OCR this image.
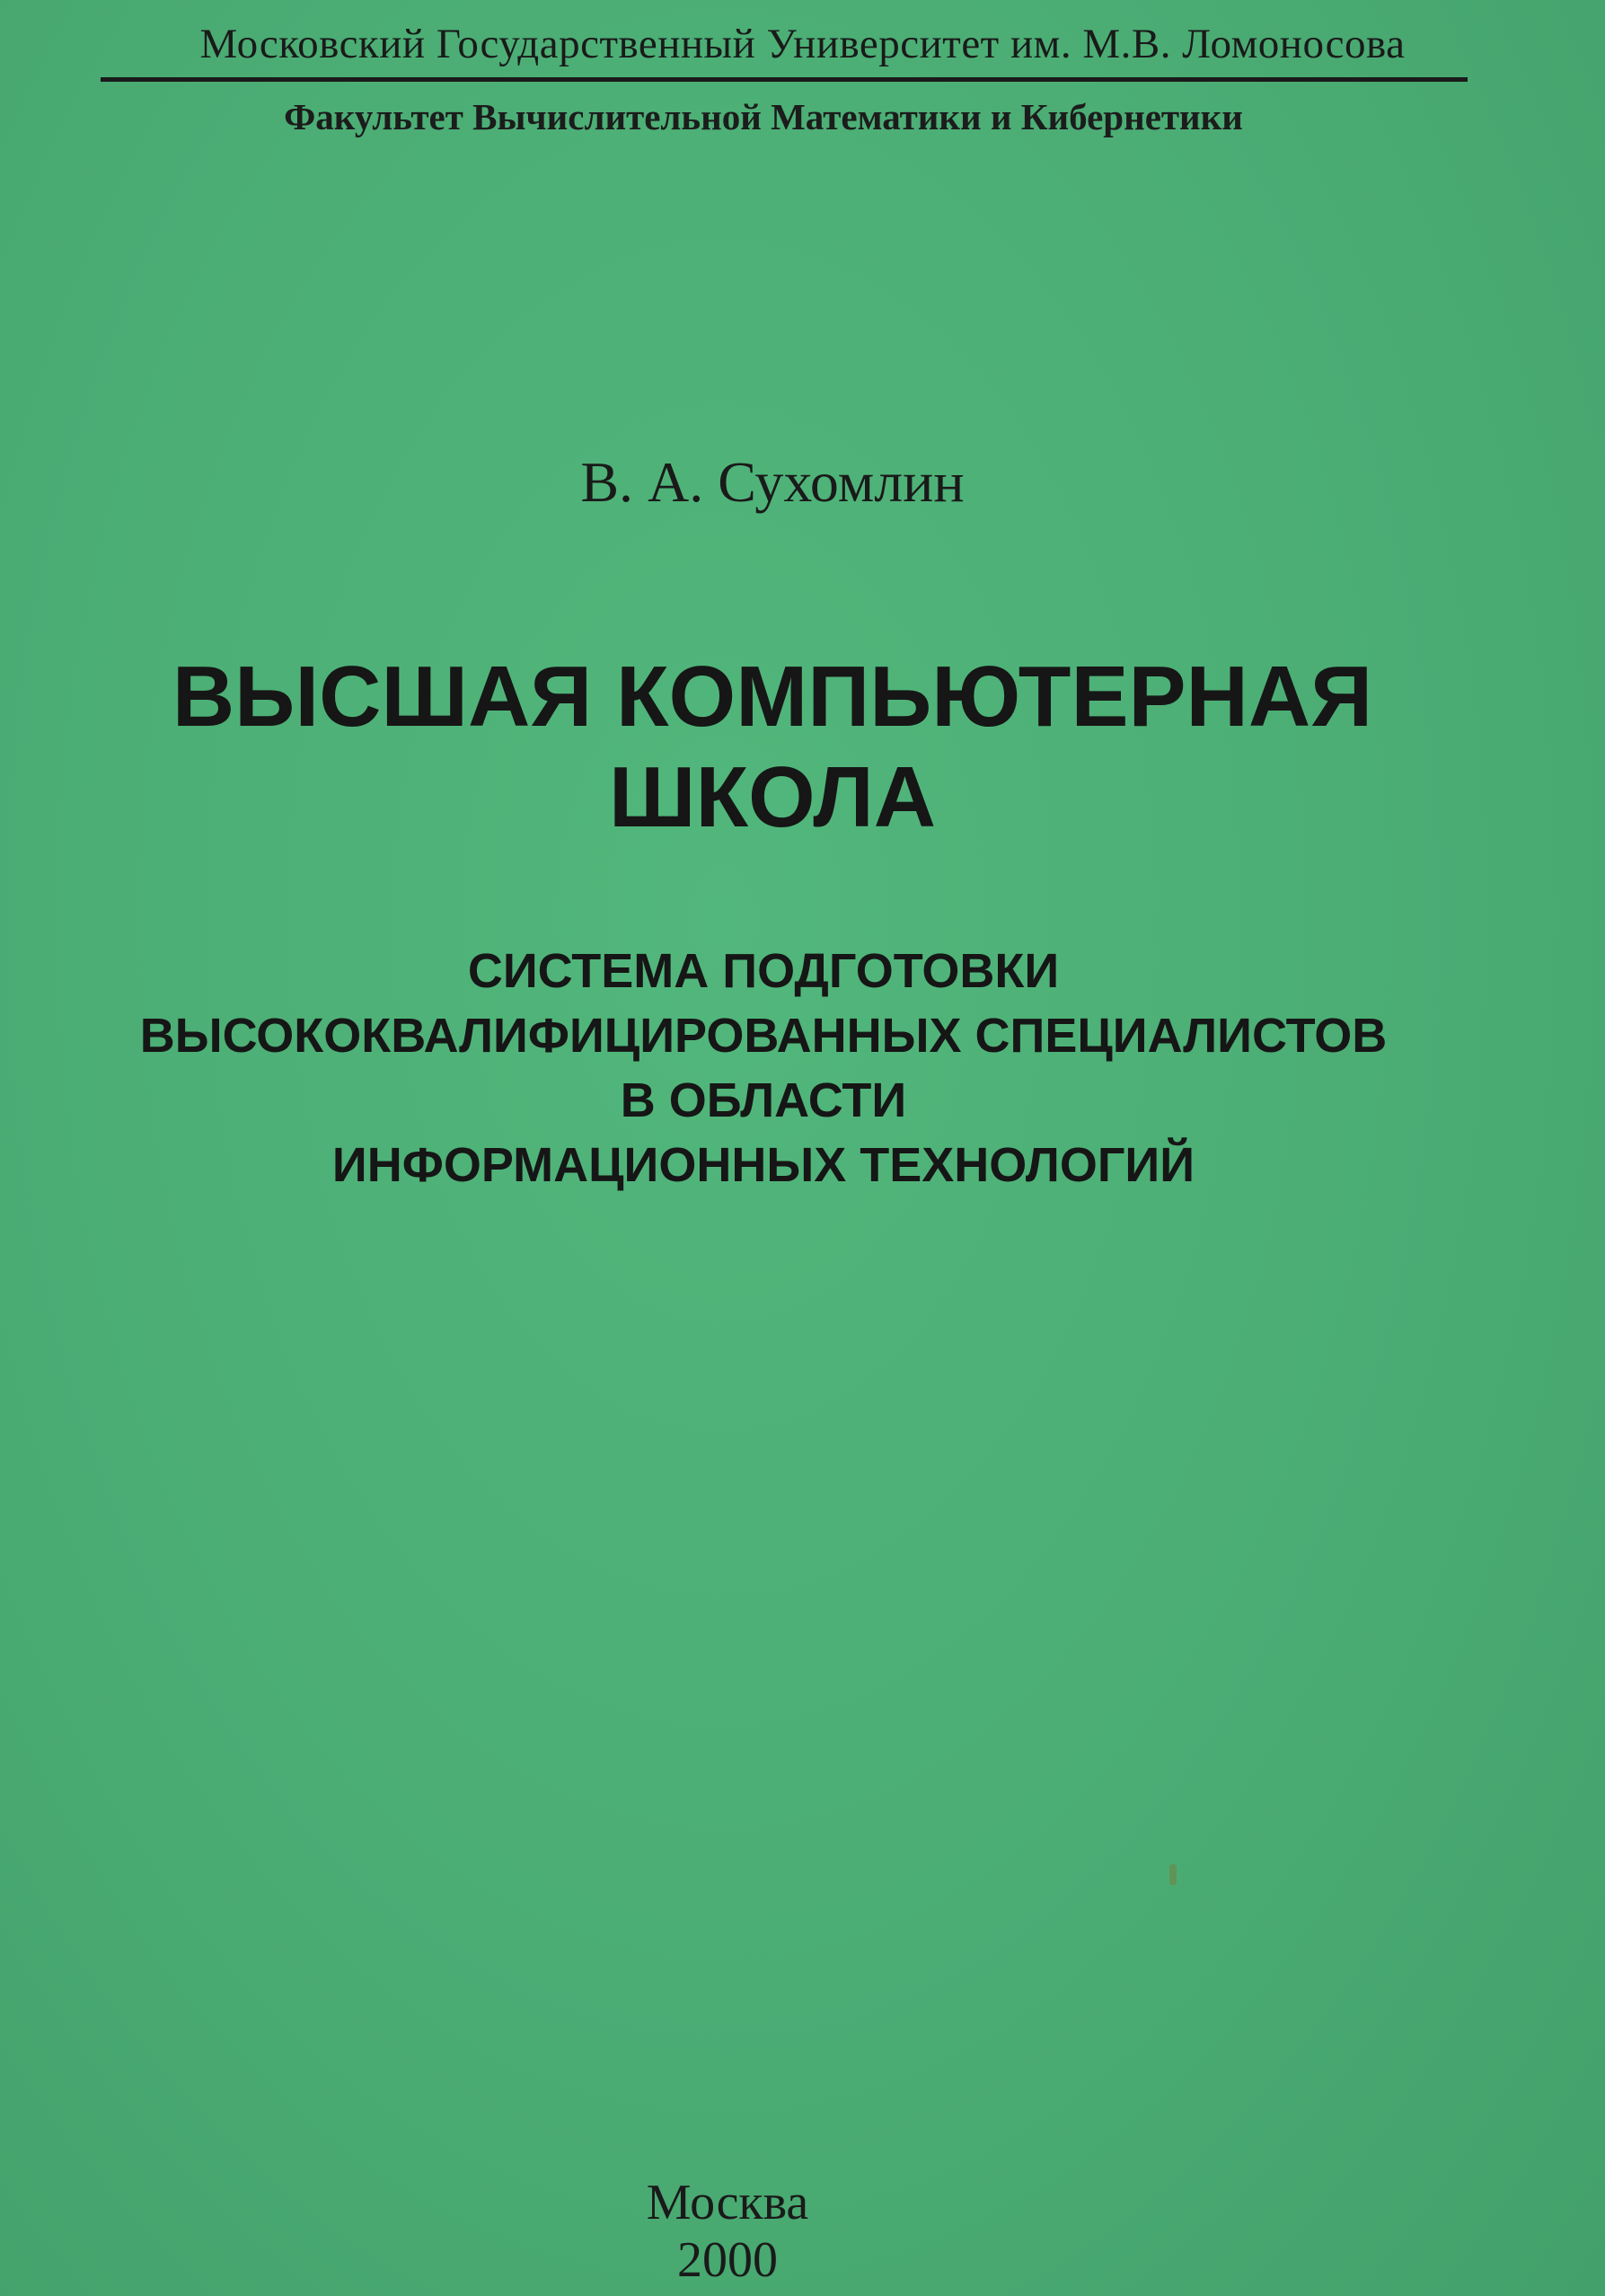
Московский Государственный Университет им. М.В. Ломоносова
Факультет Вычислительной Математики и Кибернетики
В. А. Сухомлин
ВЫСШАЯ КОМПЬЮТЕРНАЯ
ШКОЛА
СИСТЕМА ПОДГОТОВКИ
ВЫСОКОКВАЛИФИЦИРОВАННЫХ СПЕЦИАЛИСТОВ
В ОБЛАСТИ
ИНФОРМАЦИОННЫХ ТЕХНОЛОГИЙ
Москва
2000
